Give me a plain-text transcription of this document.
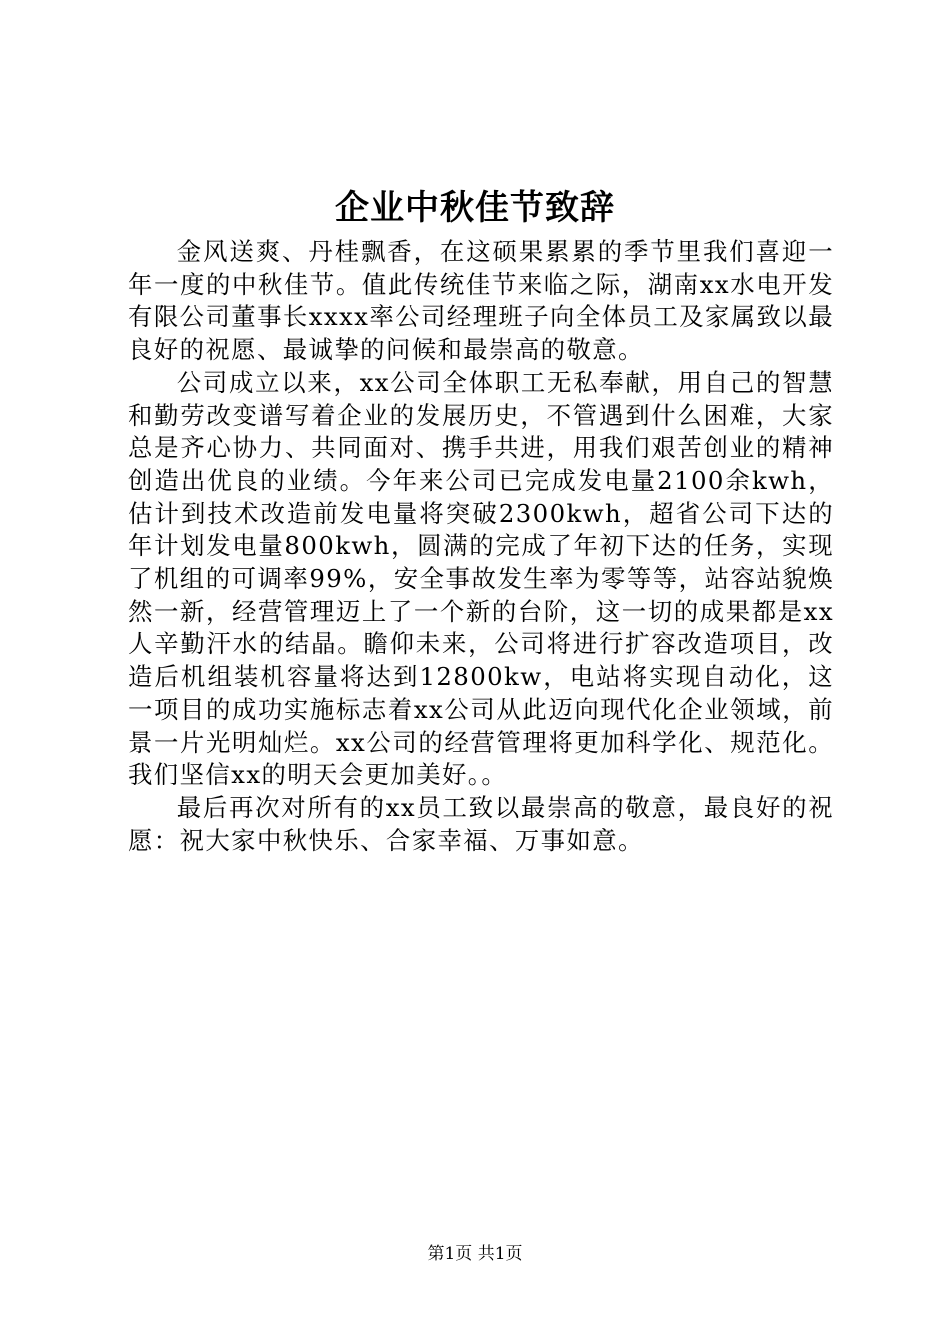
企业中秋佳节致辞

金风送爽、丹桂飘香，在这硕果累累的季节里我们喜迎一年一度的中秋佳节。值此传统佳节来临之际，湖南xx水电开发有限公司董事长xxxx率公司经理班子向全体员工及家属致以最良好的祝愿、最诚挚的问候和最崇高的敬意。

公司成立以来，xx公司全体职工无私奉献，用自己的智慧和勤劳改变谱写着企业的发展历史，不管遇到什么困难，大家总是齐心协力、共同面对、携手共进，用我们艰苦创业的精神创造出优良的业绩。今年来公司已完成发电量2100余kwh，估计到技术改造前发电量将突破2300kwh，超省公司下达的年计划发电量800kwh，圆满的完成了年初下达的任务，实现了机组的可调率99%，安全事故发生率为零等等，站容站貌焕然一新，经营管理迈上了一个新的台阶，这一切的成果都是xx人辛勤汗水的结晶。瞻仰未来，公司将进行扩容改造项目，改造后机组装机容量将达到12800kw，电站将实现自动化，这一项目的成功实施标志着xx公司从此迈向现代化企业领域，前景一片光明灿烂。xx公司的经营管理将更加科学化、规范化。我们坚信xx的明天会更加美好。。

最后再次对所有的xx员工致以最崇高的敬意，最良好的祝愿：祝大家中秋快乐、合家幸福、万事如意。

第1页 共1页
